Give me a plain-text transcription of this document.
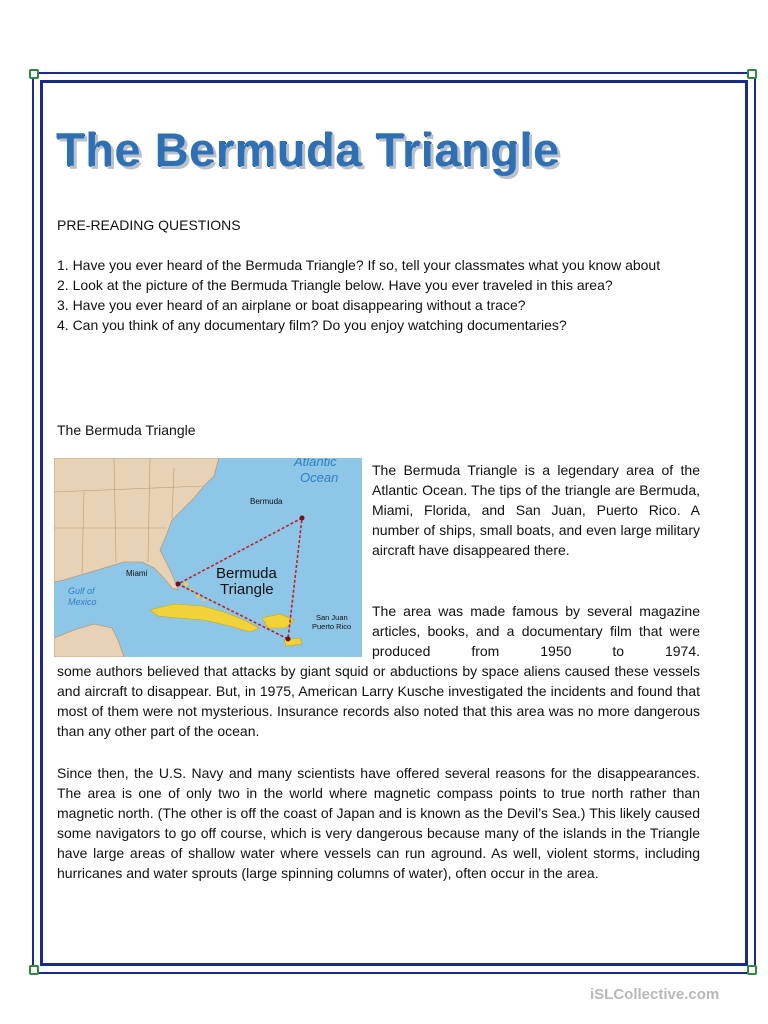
The Bermuda Triangle
PRE-READING QUESTIONS
1. Have you ever heard of the Bermuda Triangle? If so, tell your classmates what you know about
2. Look at the picture of the Bermuda Triangle below. Have you ever traveled in this area?
3. Have you ever heard of an airplane or boat disappearing without a trace?
4. Can you think of any documentary film? Do you enjoy watching documentaries?
The Bermuda Triangle
Atlantic
Ocean
Bermuda
Miami
Gulf of
Mexico
Bermuda
Triangle
San Juan
Puerto Rico

The Bermuda Triangle is a legendary area of the Atlantic Ocean. The tips of the triangle are Bermuda, Miami, Florida, and San Juan, Puerto Rico. A number of ships, small boats, and even large military aircraft have disappeared there.

The area was made famous by several magazine articles, books, and a documentary film that were produced from 1950 to 1974.

some authors believed that attacks by giant squid or abductions by space aliens caused these vessels and aircraft to disappear. But, in 1975, American Larry Kusche investigated the incidents and found that most of them were not mysterious. Insurance records also noted that this area was no more dangerous than any other part of the ocean.

Since then, the U.S. Navy and many scientists have offered several reasons for the disappearances. The area is one of only two in the world where magnetic compass points to true north rather than magnetic north. (The other is off the coast of Japan and is known as the Devil’s Sea.) This likely caused some navigators to go off course, which is very dangerous because many of the islands in the Triangle have large areas of shallow water where vessels can run aground. As well, violent storms, including hurricanes and water sprouts (large spinning columns of water), often occur in the area.

iSLCollective.com
